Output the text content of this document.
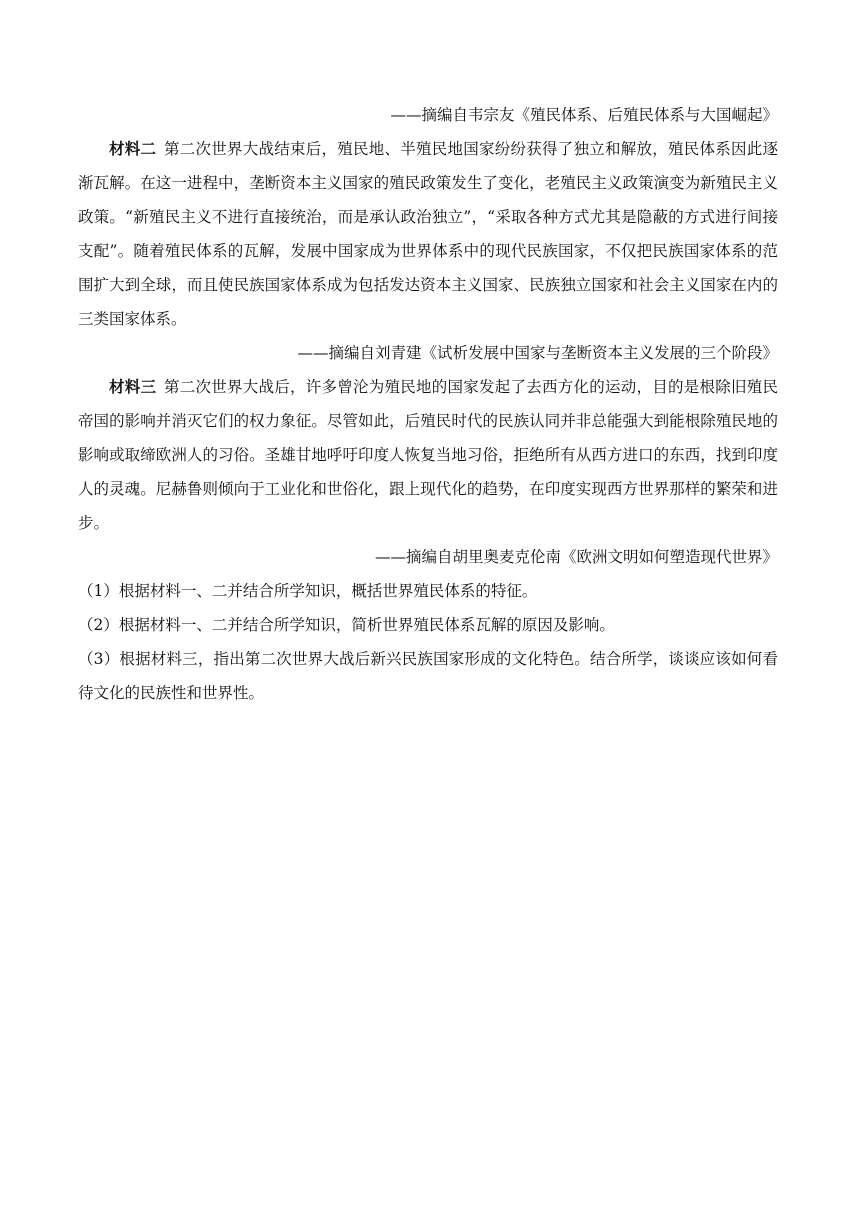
——摘编自韦宗友《殖民体系、后殖民体系与大国崛起》

材料二 第二次世界大战结束后，殖民地、半殖民地国家纷纷获得了独立和解放，殖民体系因此逐渐瓦解。在这一进程中，垄断资本主义国家的殖民政策发生了变化，老殖民主义政策演变为新殖民主义政策。“新殖民主义不进行直接统治，而是承认政治独立”，“采取各种方式尤其是隐蔽的方式进行间接支配”。随着殖民体系的瓦解，发展中国家成为世界体系中的现代民族国家，不仅把民族国家体系的范围扩大到全球，而且使民族国家体系成为包括发达资本主义国家、民族独立国家和社会主义国家在内的三类国家体系。

——摘编自刘青建《试析发展中国家与垄断资本主义发展的三个阶段》

材料三 第二次世界大战后，许多曾沦为殖民地的国家发起了去西方化的运动，目的是根除旧殖民帝国的影响并消灭它们的权力象征。尽管如此，后殖民时代的民族认同并非总能强大到能根除殖民地的影响或取缔欧洲人的习俗。圣雄甘地呼吁印度人恢复当地习俗，拒绝所有从西方进口的东西，找到印度人的灵魂。尼赫鲁则倾向于工业化和世俗化，跟上现代化的趋势，在印度实现西方世界那样的繁荣和进步。

——摘编自胡里奥麦克伦南《欧洲文明如何塑造现代世界》

（1）根据材料一、二并结合所学知识，概括世界殖民体系的特征。

（2）根据材料一、二并结合所学知识，简析世界殖民体系瓦解的原因及影响。

（3）根据材料三，指出第二次世界大战后新兴民族国家形成的文化特色。结合所学，谈谈应该如何看待文化的民族性和世界性。
